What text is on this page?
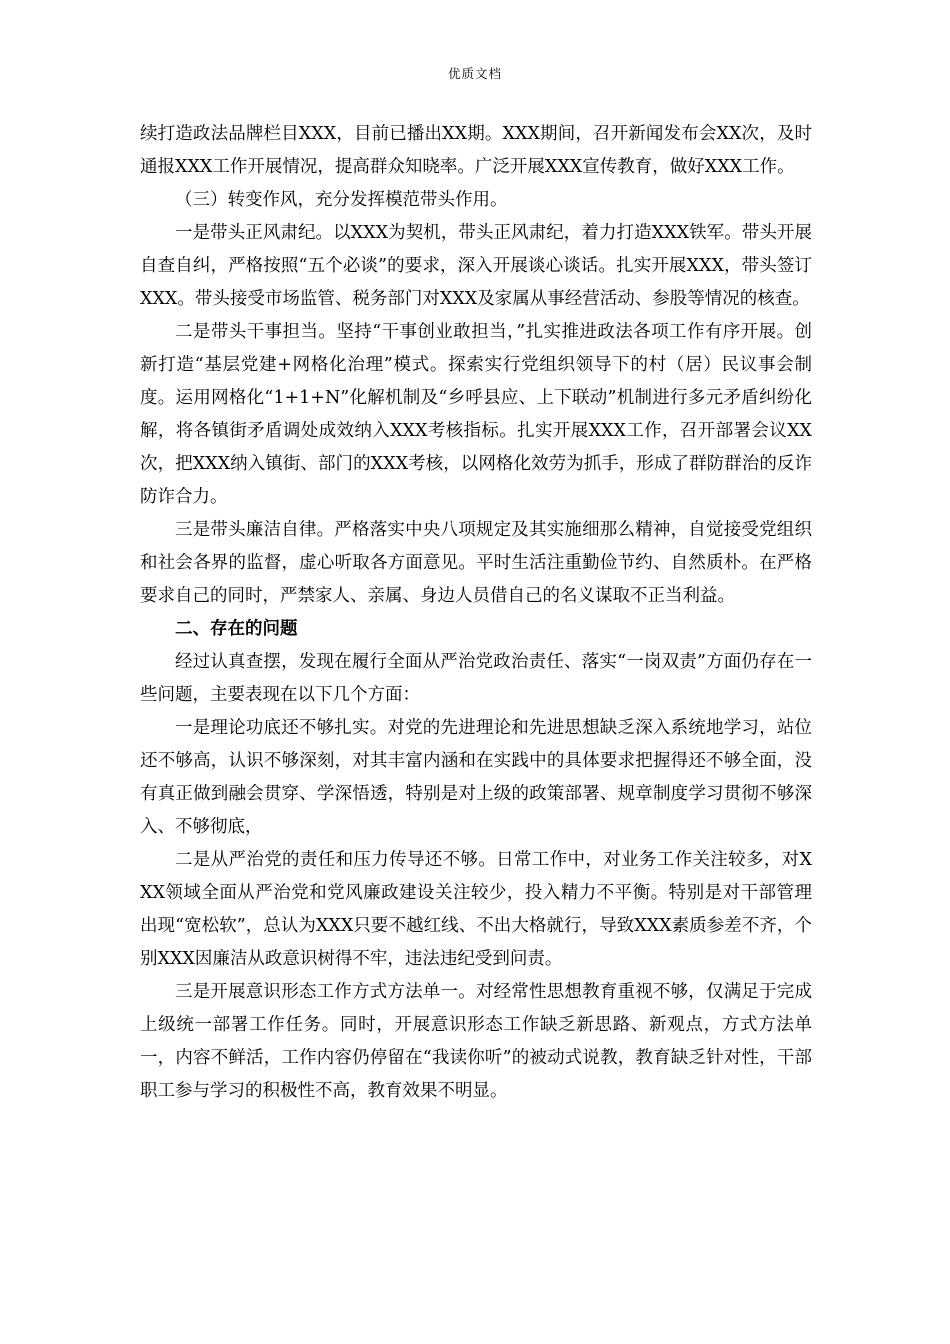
优质文档

续打造政法品牌栏目XXX，目前已播出XX期。XXX期间，召开新闻发布会XX次，及时通报XXX工作开展情况，提高群众知晓率。广泛开展XXX宣传教育，做好XXX工作。

（三）转变作风，充分发挥模范带头作用。

一是带头正风肃纪。以XXX为契机，带头正风肃纪，着力打造XXX铁军。带头开展自查自纠，严格按照“五个必谈”的要求，深入开展谈心谈话。扎实开展XXX，带头签订XXX。带头接受市场监管、税务部门对XXX及家属从事经营活动、参股等情况的核查。

二是带头干事担当。坚持“干事创业敢担当，”扎实推进政法各项工作有序开展。创新打造“基层党建+网格化治理”模式。探索实行党组织领导下的村（居）民议事会制度。运用网格化“1+1+N”化解机制及“乡呼县应、上下联动”机制进行多元矛盾纠纷化解，将各镇街矛盾调处成效纳入XXX考核指标。扎实开展XXX工作，召开部署会议XX次，把XXX纳入镇街、部门的XXX考核，以网格化效劳为抓手，形成了群防群治的反诈防诈合力。

三是带头廉洁自律。严格落实中央八项规定及其实施细那么精神，自觉接受党组织和社会各界的监督，虚心听取各方面意见。平时生活注重勤俭节约、自然质朴。在严格要求自己的同时，严禁家人、亲属、身边人员借自己的名义谋取不正当利益。

二、存在的问题

经过认真查摆，发现在履行全面从严治党政治责任、落实“一岗双责”方面仍存在一些问题，主要表现在以下几个方面：

一是理论功底还不够扎实。对党的先进理论和先进思想缺乏深入系统地学习，站位还不够高，认识不够深刻，对其丰富内涵和在实践中的具体要求把握得还不够全面，没有真正做到融会贯穿、学深悟透，特别是对上级的政策部署、规章制度学习贯彻不够深入、不够彻底，

二是从严治党的责任和压力传导还不够。日常工作中，对业务工作关注较多，对XXX领域全面从严治党和党风廉政建设关注较少，投入精力不平衡。特别是对干部管理出现“宽松软”，总认为XXX只要不越红线、不出大格就行，导致XXX素质参差不齐，个别XXX因廉洁从政意识树得不牢，违法违纪受到问责。

三是开展意识形态工作方式方法单一。对经常性思想教育重视不够，仅满足于完成上级统一部署工作任务。同时，开展意识形态工作缺乏新思路、新观点，方式方法单一，内容不鲜活，工作内容仍停留在“我读你听”的被动式说教，教育缺乏针对性，干部职工参与学习的积极性不高，教育效果不明显。
